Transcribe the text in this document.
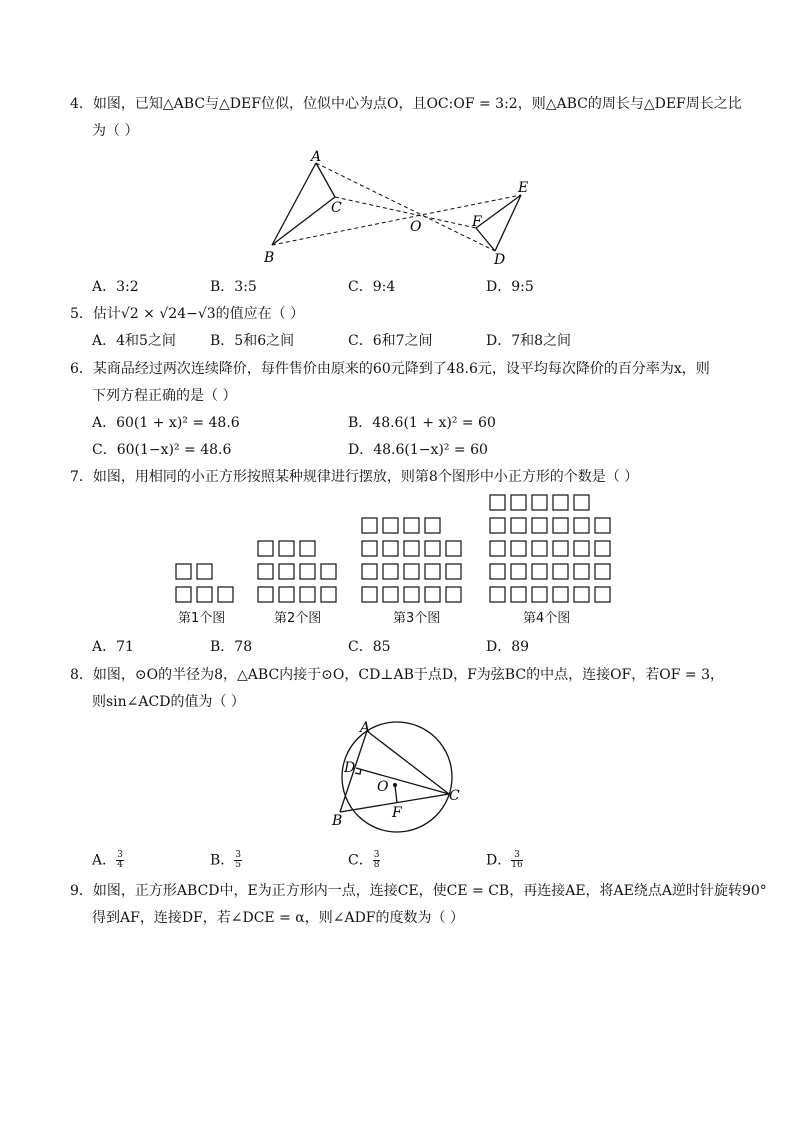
4．如图，已知△ABC与△DEF位似，位似中心为点O，且OC:OF = 3:2，则△ABC的周长与△DEF周长之比
为（ ）
A
B
C
O
E
F
D
A．3:2	B．3:5	C．9:4	D．9:5
5．估计√2 × √24−√3的值应在（ ）
A．4和5之间 B．5和6之间	C．6和7之间	D．7和8之间
6．某商品经过两次连续降价，每件售价由原来的60元降到了48.6元，设平均每次降价的百分率为x，则
下列方程正确的是（ ）
A．60(1 + x)² = 48.6	B．48.6(1 + x)² = 60
C．60(1−x)² = 48.6	D．48.6(1−x)² = 60
7．如图，用相同的小正方形按照某种规律进行摆放，则第8个图形中小正方形的个数是（ ）
第1个图	第2个图	第3个图	第4个图
A．71	B．78	C．85	D．89
8．如图，⊙O的半径为8，△ABC内接于⊙O，CD⊥AB于点D，F为弦BC的中点，连接OF，若OF = 3，
则sin∠ACD的值为（ ）
A
D
O
C
B	F
A． $\frac{3}{4}$	B． $\frac{3}{5}$	C． $\frac{3}{8}$	D． $\frac{3}{16}$
9．如图，正方形ABCD中，E为正方形内一点，连接CE，使CE = CB，再连接AE，将AE绕点A逆时针旋转90°
得到AF，连接DF，若∠DCE = α，则∠ADF的度数为（ ）
